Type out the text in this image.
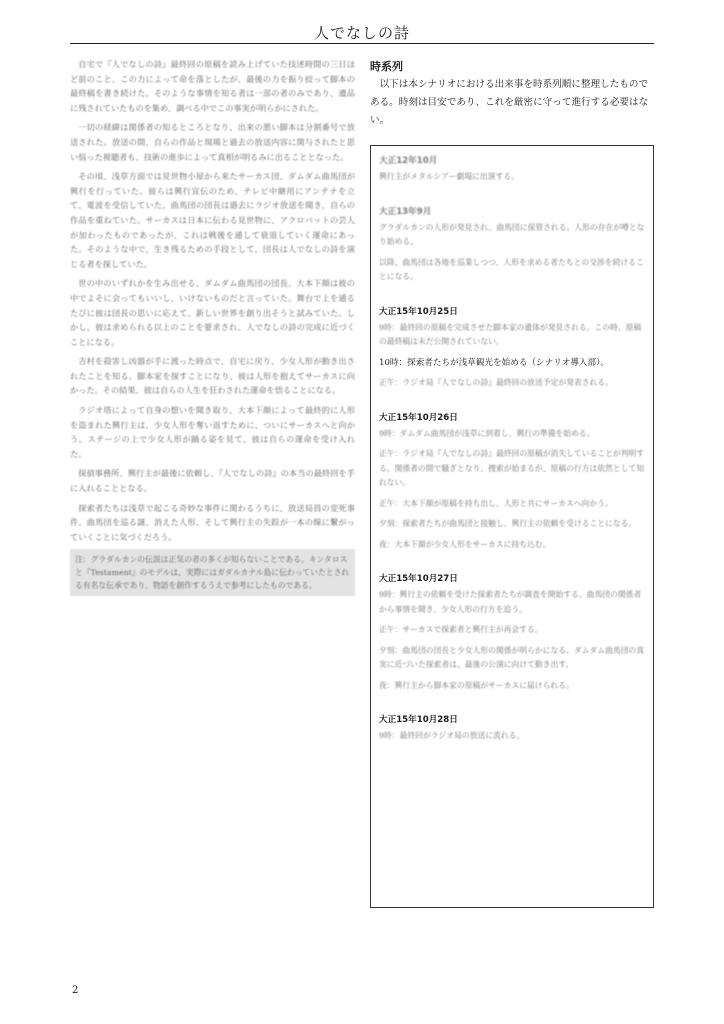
人でなしの詩

自宅で『人でなしの詩』最終回の原稿を読み上げていた技述時間の三日ほど前のこと、この力によって命を落としたが、最後の力を振り絞って脚本の最終稿を書き続けた。そのような事情を知る者は一部の者のみであり、遺品に残されていたものを集め、調べる中でこの事実が明らかにされた。

一切の経緯は関係者の知るところとなり、出来の悪い脚本は分割番号で放送された。放送の間、自らの作品と現場と過去の放送内容に関与されたと思い悩った視聴者も、技術の進歩によって真相が明るみに出ることとなった。

その頃、浅草方面では見世物小屋から来たサーカス団、ダムダム曲馬団が興行を行っていた。彼らは興行宣伝のため、テレビ中継用にアンテナを立て、電波を受信していた。曲馬団の団長は過去にラジオ放送を聞き、自らの作品を重ねていた。サーカスは日本に伝わる見世物に、アクロバットの芸人が加わったものであったが、これは戦後を通して衰退していく運命にあった。そのような中で、生き残るための手段として、団長は人でなしの詩を演じる者を探していた。

世の中のいずれかを生み出せる、ダムダム曲馬団の団長、大本下顔は彼の中でよそに会ってもいいし、いけないものだと言っていた。舞台で上を通るたびに彼は団長の思いに応えて、新しい世界を創り出そうと試みていた。しかし、彼は求められる以上のことを要求され、人でなしの詩の完成に近づくことになる。

吉村を殺害し凶器が手に渡った時点で、自宅に戻り、少女人形が動き出されたことを知る。脚本家を探すことになり、彼は人形を抱えてサーカスに向かった。その結果、彼は自らの人生を狂わされた運命を悟ることになる。

ラジオ塔によって自身の想いを聞き取り、大本下顔によって最終的に人形を盗まれた興行主は、少女人形を奪い返すために、ついにサーカスへと向かう。ステージの上で少女人形が踊る姿を見て、彼は自らの運命を受け入れた。

探偵事務所、興行主が最後に依頼し、『人でなしの詩』の本当の最終回を手に入れることとなる。

探索者たちは浅草で起こる奇妙な事件に関わるうちに、放送局員の変死事件、曲馬団を巡る謎、消えた人形、そして興行主の失踪が一本の線に繋がっていくことに気づくだろう。

注：グラダルカンの伝説は正気の者の多くが知らないことである。キンタロスと『Testament』のモデルは、実際にはガダルカナル島に伝わっていたとされる有名な伝承であり、物語を創作するうえで参考にしたものである。
時系列

以下は本シナリオにおける出来事を時系列順に整理したものである。時刻は目安であり、これを厳密に守って進行する必要はない。

大正12年10月

興行主がメタルシアー劇場に出演する。

大正13年9月

グラダルカンの人形が発見され、曲馬団に保管される。人形の存在が噂となり始める。

以降、曲馬団は各地を巡業しつつ、人形を求める者たちとの交渉を続けることになる。

大正15年10月25日

9時：最終回の原稿を完成させた脚本家の遺体が発見される。この時、原稿の最終稿は未だ公開されていない。

10時：探索者たちが浅草観光を始める（シナリオ導入部）。

正午：ラジオ局『人でなしの詩』最終回の放送予定が発表される。

大正15年10月26日

9時：ダムダム曲馬団が浅草に到着し、興行の準備を始める。

正午：ラジオ局『人でなしの詩』最終回の原稿が消失していることが判明する。関係者の間で騒ぎとなり、捜索が始まるが、原稿の行方は依然として知れない。

正午：大本下顔が原稿を持ち出し、人形と共にサーカスへ向かう。

夕刻：探索者たちが曲馬団と接触し、興行主の依頼を受けることになる。

夜：大本下顔が少女人形をサーカスに持ち込む。

大正15年10月27日

9時：興行主の依頼を受けた探索者たちが調査を開始する。曲馬団の関係者から事情を聞き、少女人形の行方を追う。

正午：サーカスで探索者と興行主が再会する。

夕刻：曲馬団の団長と少女人形の関係が明らかになる。ダムダム曲馬団の真実に近づいた探索者は、最後の公演に向けて動き出す。

夜：興行主から脚本家の原稿がサーカスに届けられる。

大正15年10月28日

9時：最終回がラジオ局の放送に流れる。

2
